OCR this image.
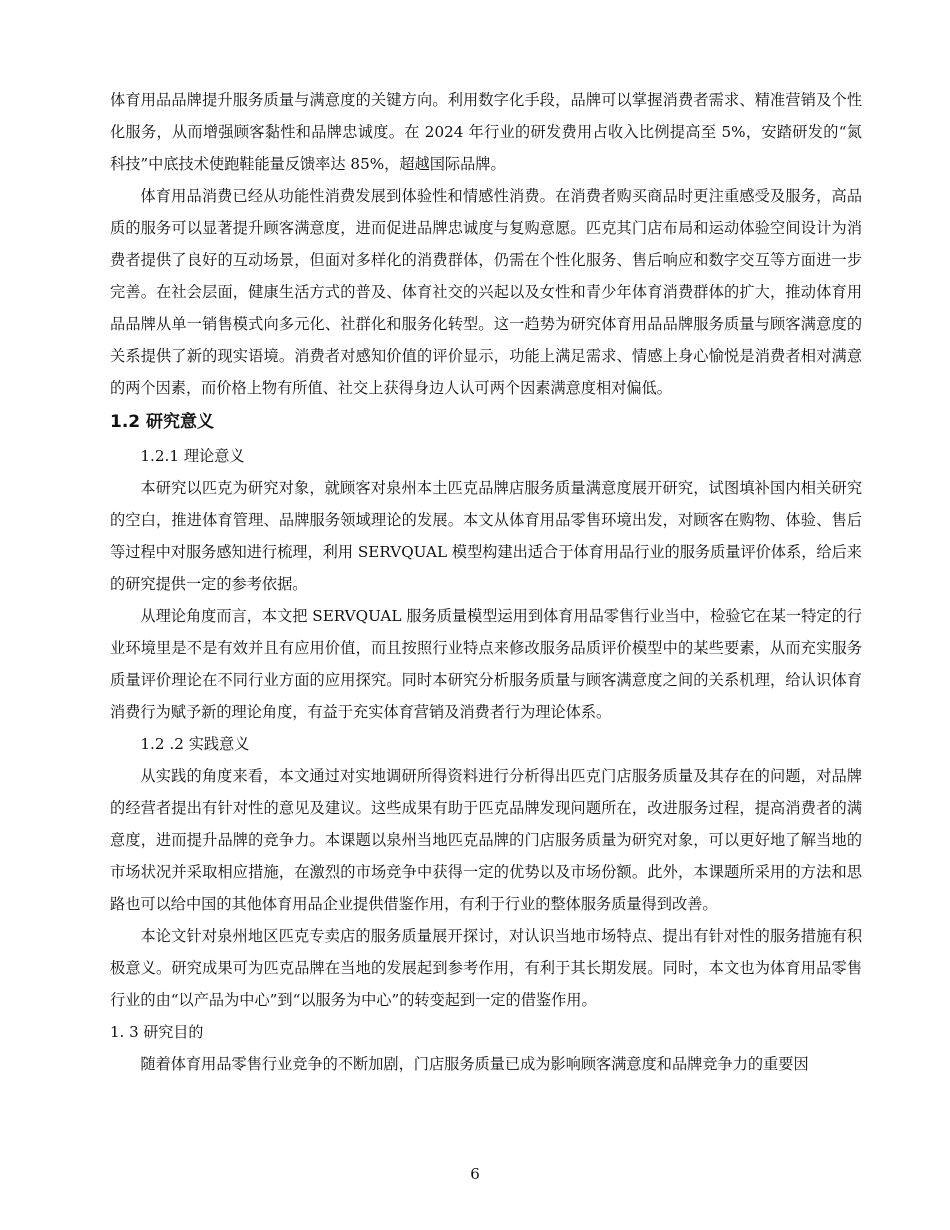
体育用品品牌提升服务质量与满意度的关键方向。利用数字化手段，品牌可以掌握消费者需求、精准营销及个性化服务，从而增强顾客黏性和品牌忠诚度。在 2024 年行业的研发费用占收入比例提高至 5%，安踏研发的“氮科技”中底技术使跑鞋能量反馈率达 85%，超越国际品牌。

体育用品消费已经从功能性消费发展到体验性和情感性消费。在消费者购买商品时更注重感受及服务，高品质的服务可以显著提升顾客满意度，进而促进品牌忠诚度与复购意愿。匹克其门店布局和运动体验空间设计为消费者提供了良好的互动场景，但面对多样化的消费群体，仍需在个性化服务、售后响应和数字交互等方面进一步完善。在社会层面，健康生活方式的普及、体育社交的兴起以及女性和青少年体育消费群体的扩大，推动体育用品品牌从单一销售模式向多元化、社群化和服务化转型。这一趋势为研究体育用品品牌服务质量与顾客满意度的关系提供了新的现实语境。消费者对感知价值的评价显示，功能上满足需求、情感上身心愉悦是消费者相对满意的两个因素，而价格上物有所值、社交上获得身边人认可两个因素满意度相对偏低。

1.2 研究意义

1.2.1 理论意义

本研究以匹克为研究对象，就顾客对泉州本土匹克品牌店服务质量满意度展开研究，试图填补国内相关研究的空白，推进体育管理、品牌服务领域理论的发展。本文从体育用品零售环境出发，对顾客在购物、体验、售后等过程中对服务感知进行梳理，利用 SERVQUAL 模型构建出适合于体育用品行业的服务质量评价体系，给后来的研究提供一定的参考依据。

从理论角度而言，本文把 SERVQUAL 服务质量模型运用到体育用品零售行业当中，检验它在某一特定的行业环境里是不是有效并且有应用价值，而且按照行业特点来修改服务品质评价模型中的某些要素，从而充实服务质量评价理论在不同行业方面的应用探究。同时本研究分析服务质量与顾客满意度之间的关系机理，给认识体育消费行为赋予新的理论角度，有益于充实体育营销及消费者行为理论体系。

1.2 .2 实践意义

从实践的角度来看，本文通过对实地调研所得资料进行分析得出匹克门店服务质量及其存在的问题，对品牌的经营者提出有针对性的意见及建议。这些成果有助于匹克品牌发现问题所在，改进服务过程，提高消费者的满意度，进而提升品牌的竞争力。本课题以泉州当地匹克品牌的门店服务质量为研究对象，可以更好地了解当地的市场状况并采取相应措施，在激烈的市场竞争中获得一定的优势以及市场份额。此外，本课题所采用的方法和思路也可以给中国的其他体育用品企业提供借鉴作用，有利于行业的整体服务质量得到改善。

本论文针对泉州地区匹克专卖店的服务质量展开探讨，对认识当地市场特点、提出有针对性的服务措施有积极意义。研究成果可为匹克品牌在当地的发展起到参考作用，有利于其长期发展。同时，本文也为体育用品零售行业的由“以产品为中心”到“以服务为中心”的转变起到一定的借鉴作用。

1. 3 研究目的

随着体育用品零售行业竞争的不断加剧，门店服务质量已成为影响顾客满意度和品牌竞争力的重要因

6
